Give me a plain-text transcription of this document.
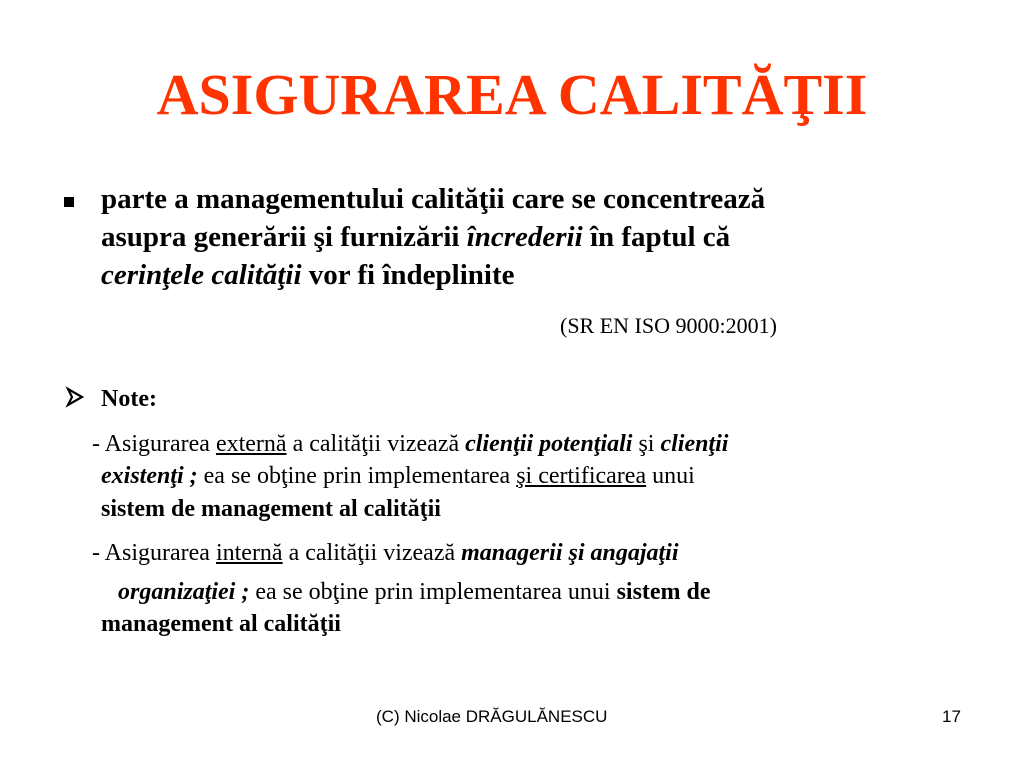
ASIGURAREA CALITĂŢII
parte a managementului calităţii care se concentrează
asupra generării şi furnizării încrederii în faptul că
cerinţele calităţii vor fi îndeplinite
(SR EN ISO 9000:2001)
Note:
- Asigurarea externă a calităţii vizează clienţii potenţiali şi clienţii
existenţi ; ea se obţine prin implementarea şi certificarea unui
sistem de management al calităţii
- Asigurarea internă a calităţii vizează managerii şi angajaţii
organizaţiei ; ea se obţine prin implementarea unui sistem de
management al calităţii
(C) Nicolae DRĂGULĂNESCU	17
